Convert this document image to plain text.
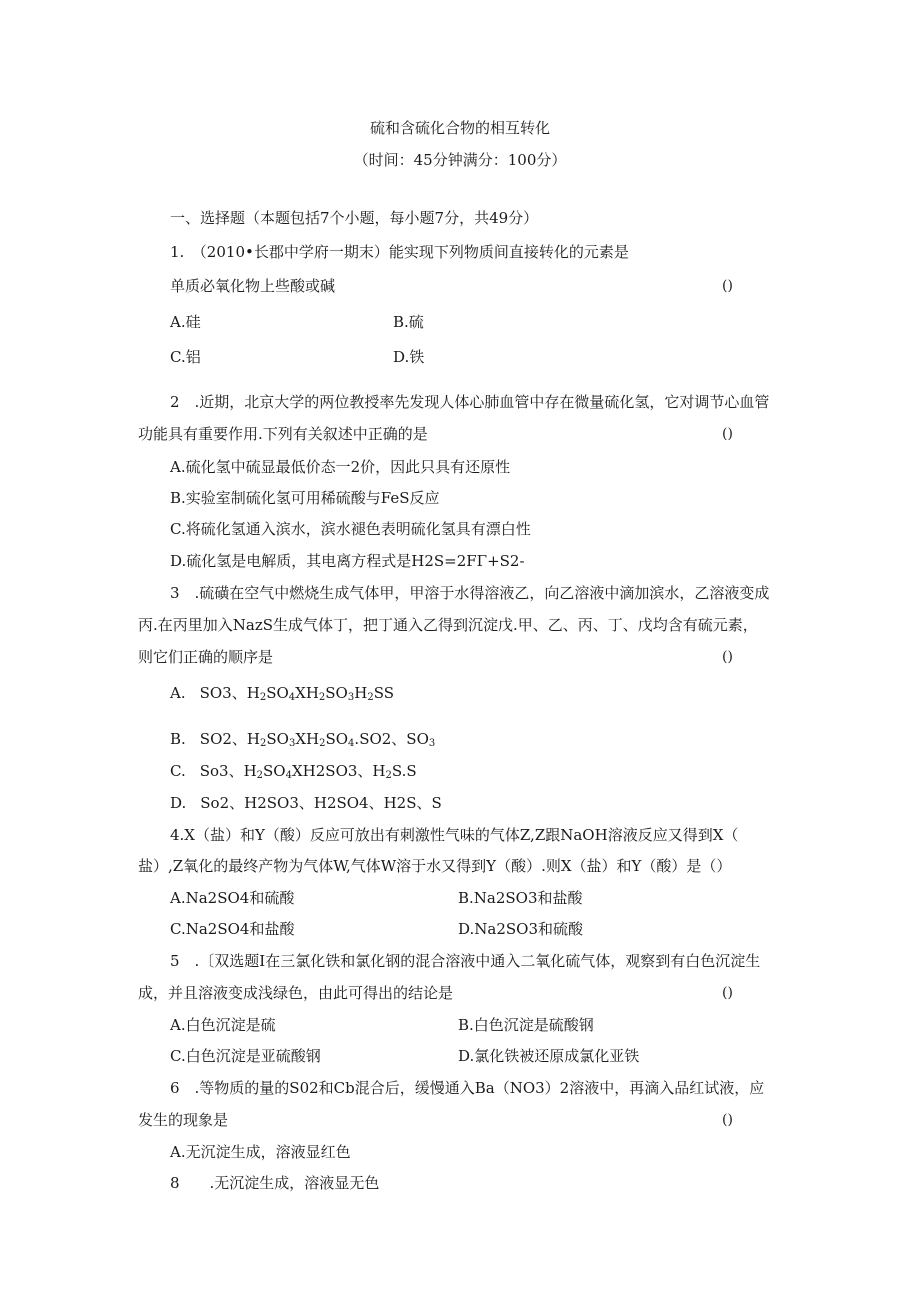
硫和含硫化合物的相互转化
（时间：45分钟满分：100分）
一、选择题（本题包括7个小题，每小题7分，共49分）
1.　（2010•长郡中学府一期末）能实现下列物质间直接转化的元素是
单质必氧化物上些酸或碱	()
A.硅	B.硫
C.铝	D.铁
2　.近期，北京大学的两位教授率先发现人体心肺血管中存在微量硫化氢，它对调节心血管
功能具有重要作用.下列有关叙述中正确的是	()
A.硫化氢中硫显最低价态一2价，因此只具有还原性
B.实验室制硫化氢可用稀硫酸与FeS反应
C.将硫化氢通入滨水，滨水褪色表明硫化氢具有漂白性
D.硫化氢是电解质，其电离方程式是H2S=2FΓ+S2-
3　.硫磺在空气中燃烧生成气体甲，甲溶于水得溶液乙，向乙溶液中滴加滨水，乙溶液变成
丙.在丙里加入NazS生成气体丁，把丁通入乙得到沉淀戊.甲、乙、丙、丁、戊均含有硫元素，
则它们正确的顺序是	()
A. SO3、$H_2SO_4XH_2SO_3H_2SS$
B. SO2、$H_2SO_3XH_2SO_4.SO2$、$SO_3$
C. So3、$H_2SO_4XH2SO3$、$H_2S.S$
D. So2、H2SO3、H2SO4、H2S、S
4.X（盐）和Y（酸）反应可放出有刺激性气味的气体Z,Z跟NaOH溶液反应又得到X（
盐）,Z氧化的最终产物为气体W,气体W溶于水又得到Y（酸）.则X（盐）和Y（酸）是（）
A.Na2SO4和硫酸	B.Na2SO3和盐酸
C.Na2SO4和盐酸	D.Na2SO3和硫酸
5　.〔双选题I在三氯化铁和氯化钢的混合溶液中通入二氧化硫气体，观察到有白色沉淀生
成，并且溶液变成浅绿色，由此可得出的结论是	()
A.白色沉淀是硫	B.白色沉淀是硫酸钢
C.白色沉淀是亚硫酸钢	D.氯化铁被还原成氯化亚铁
6　.等物质的量的S02和Cb混合后，缓慢通入Ba（NO3）2溶液中，再滴入品红试液，应
发生的现象是	()
A.无沉淀生成，溶液显红色
8　　.无沉淀生成，溶液显无色
